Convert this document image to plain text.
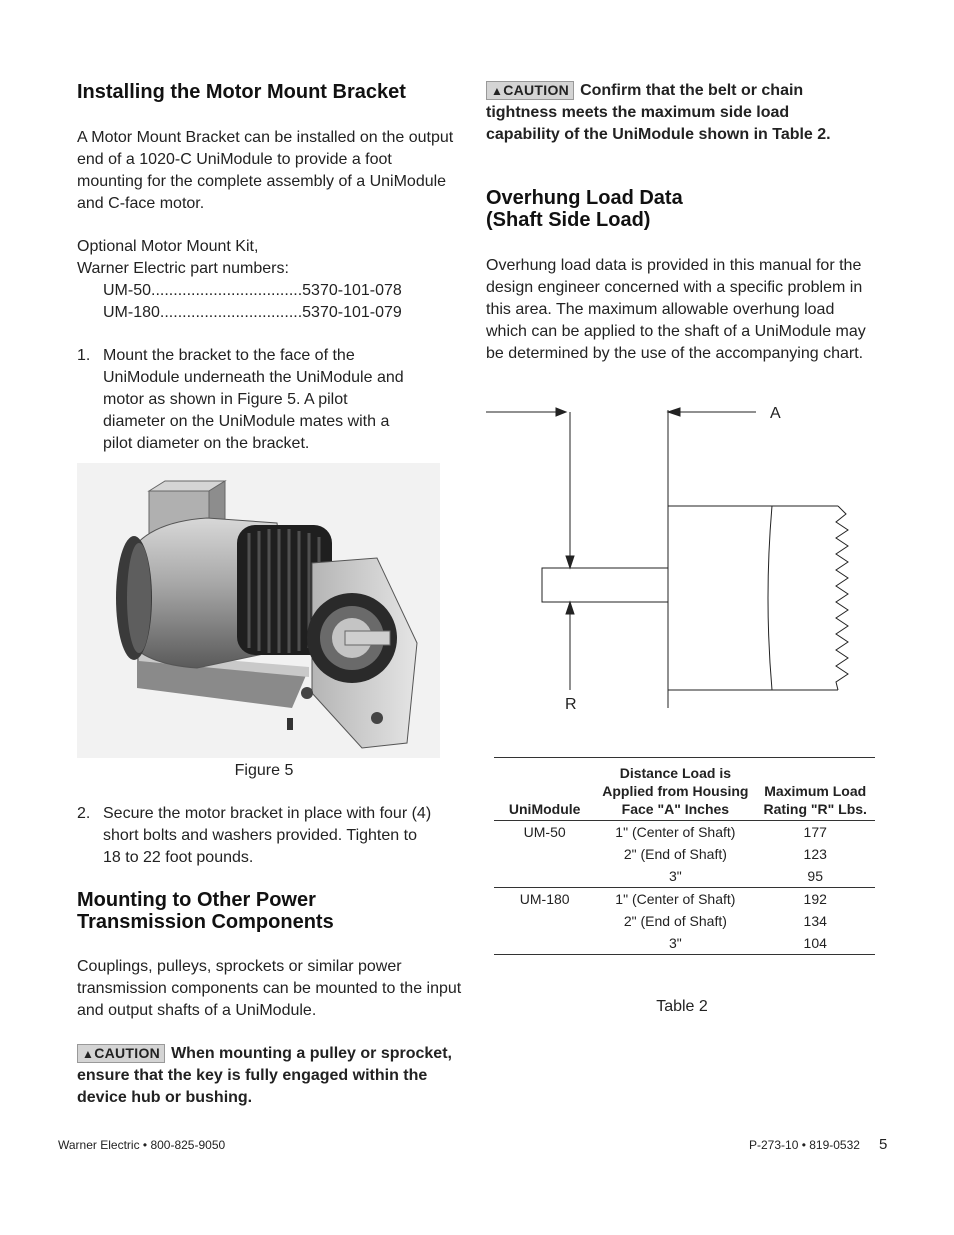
Installing the Motor Mount Bracket

A Motor Mount Bracket can be installed on the output end of a 1020-C UniModule to provide a foot mounting for the complete assembly of a UniModule and C-face motor.

Optional Motor Mount Kit,

Warner Electric part numbers:

UM-50 .................................. 5370-101-078
UM-180 ................................ 5370-101-079
1. Mount the bracket to the face of the UniModule underneath the UniModule and motor as shown in Figure 5. A pilot diameter on the UniModule mates with a pilot diameter on the bracket.

Figure 5

2. Secure the motor bracket in place with four (4) short bolts and washers provided. Tighten to 18 to 22 foot pounds.
Mounting to Other Power Transmission Components

Couplings, pulleys, sprockets or similar power transmission components can be mounted to the input and output shafts of a UniModule.

▲CAUTION When mounting a pulley or sprocket, ensure that the key is fully engaged within the device hub or bushing.
▲CAUTION Confirm that the belt or chain tightness meets the maximum side load capability of the UniModule shown in Table 2.
Overhung Load Data
(Shaft Side Load)

Overhung load data is provided in this manual for the design engineer concerned with a specific problem in this area. The maximum allowable overhung load which can be applied to the shaft of a UniModule may be determined by the use of the accompanying chart.

A
R
UniModule	Distance Load is Applied from Housing Face "A" Inches	Maximum Load Rating "R" Lbs.
UM-50	1" (Center of Shaft)	177
	2" (End of Shaft)	123
	3"	95
UM-180	1" (Center of Shaft)	192
	2" (End of Shaft)	134
	3"	104

Table 2

Warner Electric • 800-825-9050	P-273-10 • 819-0532 5
